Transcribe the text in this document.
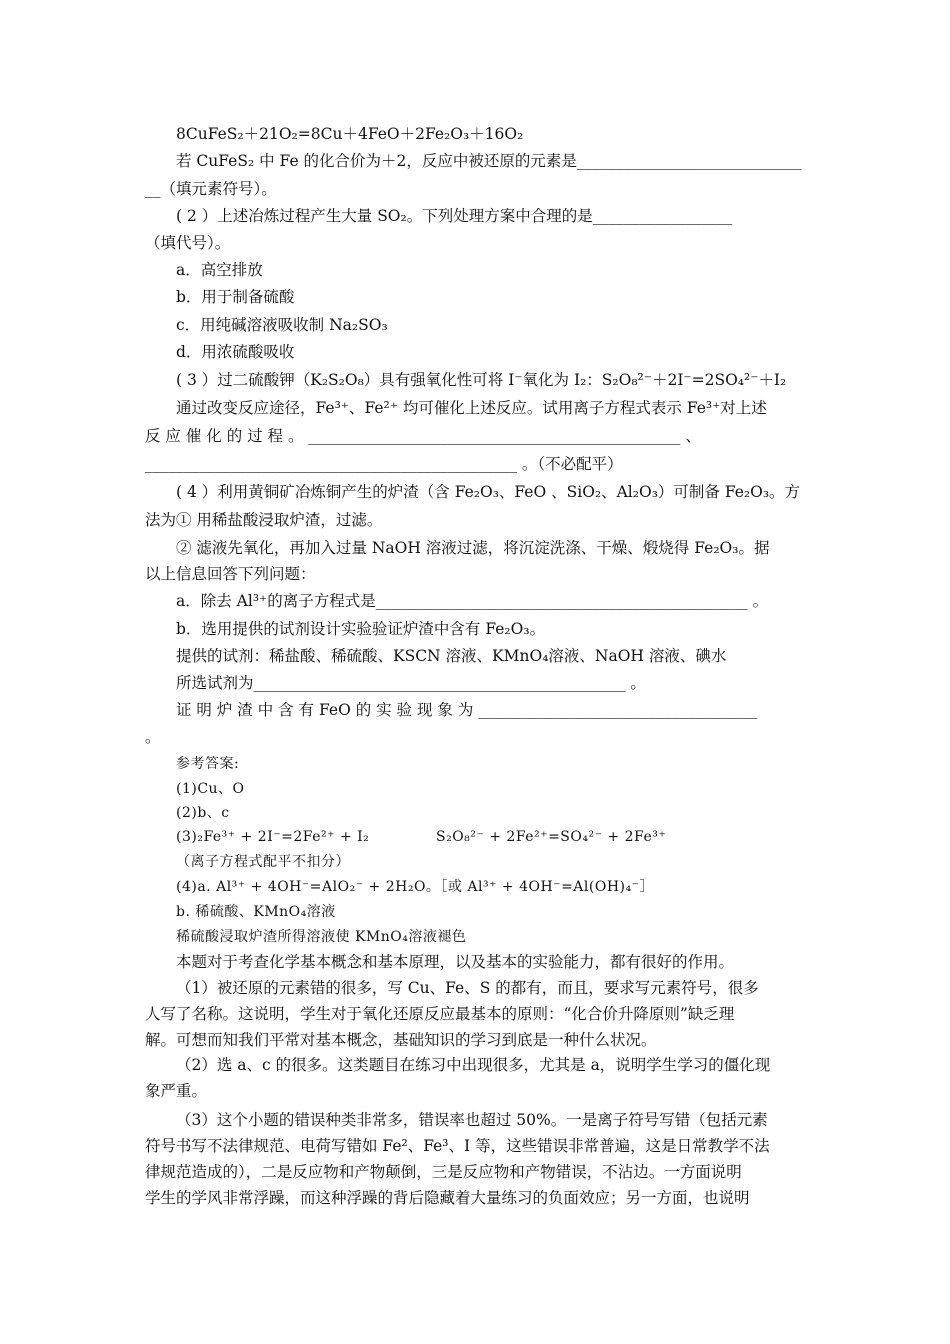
8CuFeS₂＋21O₂=8Cu＋4FeO＋2Fe₂O₃＋16O₂
若 CuFeS₂ 中 Fe 的化合价为＋2，反应中被还原的元素是_____________________________
__（填元素符号）。
( 2 ）上述冶炼过程产生大量 SO₂。下列处理方案中合理的是__________________
（填代号）。
a．高空排放
b．用于制备硫酸
c．用纯碱溶液吸收制 Na₂SO₃
d．用浓硫酸吸收
( 3 ）过二硫酸钾（K₂S₂O₈）具有强氧化性可将 I⁻氧化为 I₂：S₂O₈²⁻＋2I⁻=2SO₄²⁻＋I₂
通过改变反应途径，Fe³⁺、Fe²⁺ 均可催化上述反应。试用离子方程式表示 Fe³⁺对上述
反 应 催 化 的 过 程 。 ________________________________________________ 、
________________________________________________ 。（不必配平）
( 4 ）利用黄铜矿冶炼铜产生的炉渣（含 Fe₂O₃、FeO 、SiO₂、Al₂O₃）可制备 Fe₂O₃。方
法为① 用稀盐酸浸取炉渣，过滤。
② 滤液先氧化，再加入过量 NaOH 溶液过滤，将沉淀洗涤、干燥、煅烧得 Fe₂O₃。据
以上信息回答下列问题：
a．除去 Al³⁺的离子方程式是________________________________________________ 。
b．选用提供的试剂设计实验验证炉渣中含有 Fe₂O₃。
提供的试剂：稀盐酸、稀硫酸、KSCN 溶液、KMnO₄溶液、NaOH 溶液、碘水
所选试剂为________________________________________________ 。
证 明 炉 渣 中 含 有 FeO 的 实 验 现 象 为 ____________________________________
。
参考答案:
(1)Cu、O
(2)b、c
(3)₂Fe³⁺ + 2I⁻=2Fe²⁺ + I₂	S₂O₈²⁻ + 2Fe²⁺=SO₄²⁻ + 2Fe³⁺
（离子方程式配平不扣分）
(4)a. Al³⁺ + 4OH⁻=AlO₂⁻ + 2H₂O。［或 Al³⁺ + 4OH⁻=Al(OH)₄⁻］
b. 稀硫酸、KMnO₄溶液
稀硫酸浸取炉渣所得溶液使 KMnO₄溶液褪色
本题对于考查化学基本概念和基本原理，以及基本的实验能力，都有很好的作用。
（1）被还原的元素错的很多，写 Cu、Fe、S 的都有，而且，要求写元素符号，很多
人写了名称。这说明，学生对于氧化还原反应最基本的原则：“化合价升降原则”缺乏理
解。可想而知我们平常对基本概念，基础知识的学习到底是一种什么状况。
（2）选 a、c 的很多。这类题目在练习中出现很多，尤其是 a，说明学生学习的僵化现
象严重。
（3）这个小题的错误种类非常多，错误率也超过 50%。一是离子符号写错（包括元素
符号书写不法律规范、电荷写错如 Fe²、Fe³、I 等，这些错误非常普遍，这是日常教学不法
律规范造成的），二是反应物和产物颠倒，三是反应物和产物错误，不沾边。一方面说明
学生的学风非常浮躁，而这种浮躁的背后隐藏着大量练习的负面效应；另一方面，也说明
